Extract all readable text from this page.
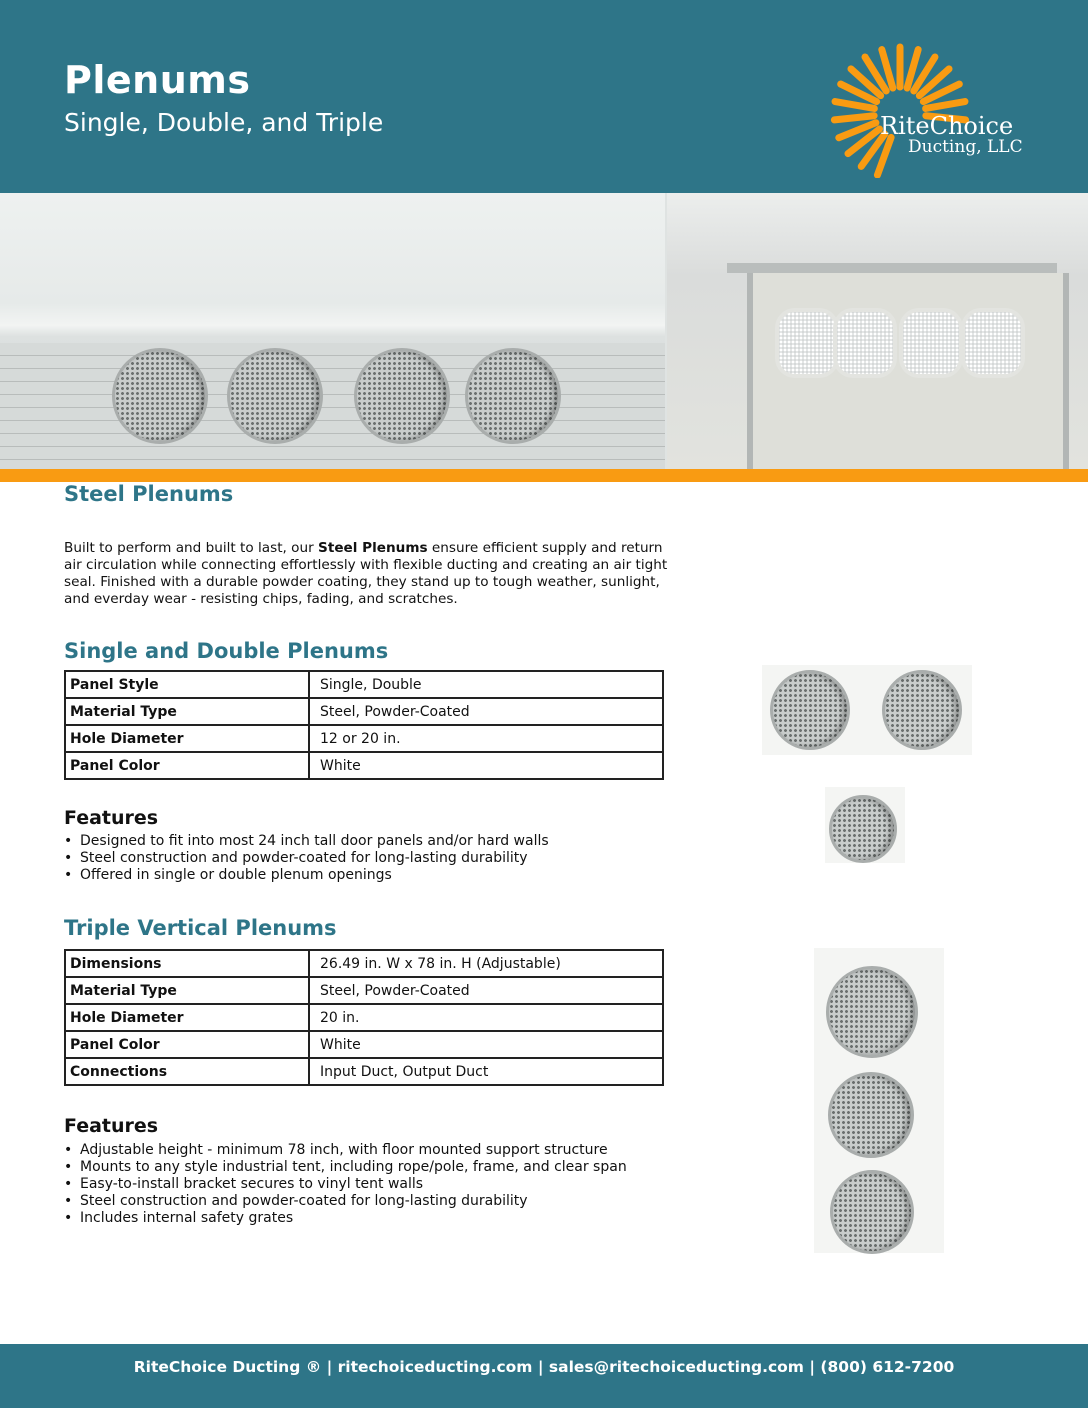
Plenums
Single, Double, and Triple	RiteChoice
Ducting, LLC
Steel Plenums
Built to perform and built to last, our Steel Plenums ensure efficient supply and return air circulation while connecting effortlessly with flexible ducting and creating an air tight seal. Finished with a durable powder coating, they stand up to tough weather, sunlight, and everday wear - resisting chips, fading, and scratches.
Single and Double Plenums
Panel Style	Single, Double
Material Type	Steel, Powder-Coated
Hole Diameter	12 or 20 in.
Panel Color	White
Features
• Designed to fit into most 24 inch tall door panels and/or hard walls
• Steel construction and powder-coated for long-lasting durability
• Offered in single or double plenum openings
Triple Vertical Plenums
Dimensions	26.49 in. W x 78 in. H (Adjustable)
Material Type	Steel, Powder-Coated
Hole Diameter	20 in.
Panel Color	White
Connections	Input Duct, Output Duct
Features
• Adjustable height - minimum 78 inch, with floor mounted support structure
• Mounts to any style industrial tent, including rope/pole, frame, and clear span
• Easy-to-install bracket secures to vinyl tent walls
• Steel construction and powder-coated for long-lasting durability
• Includes internal safety grates
RiteChoice Ducting ® | ritechoiceducting.com | sales@ritechoiceducting.com | (800) 612-7200
